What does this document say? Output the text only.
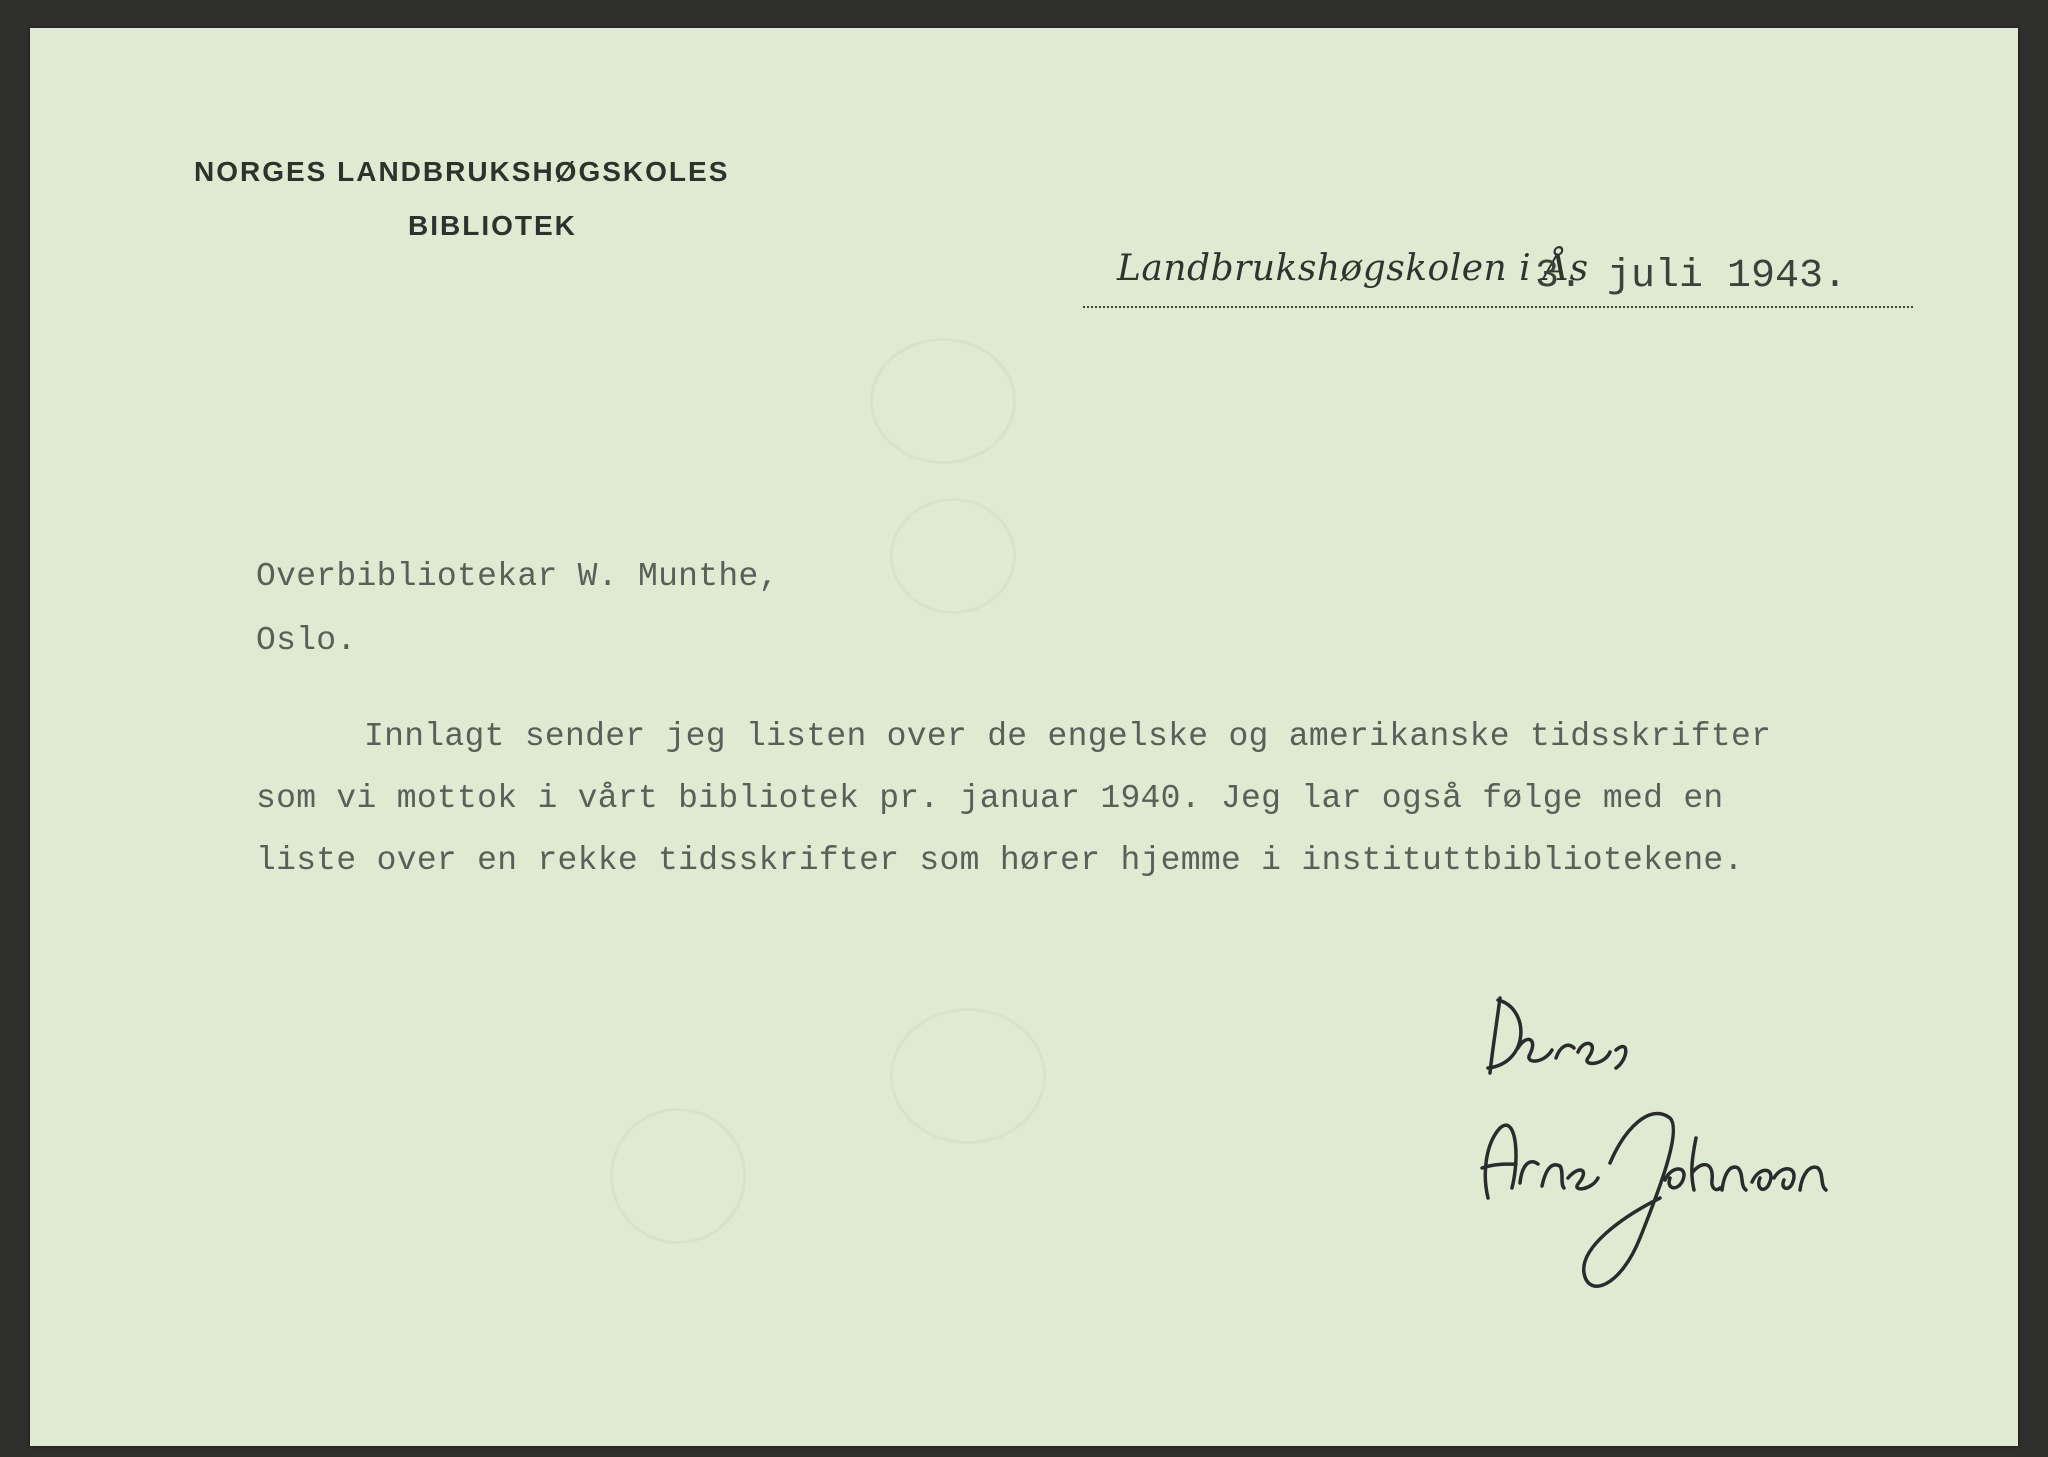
NORGES LANDBRUKSHØGSKOLES
BIBLIOTEK
Landbrukshøgskolen i Ås
3. juli 1943.
Overbibliotekar W. Munthe,
Oslo.
Innlagt sender jeg listen over de engelske og amerikanske tidsskrifter
som vi mottok i vårt bibliotek pr. januar 1940. Jeg lar også følge med en
liste over en rekke tidsskrifter som hører hjemme i instituttbibliotekene.
